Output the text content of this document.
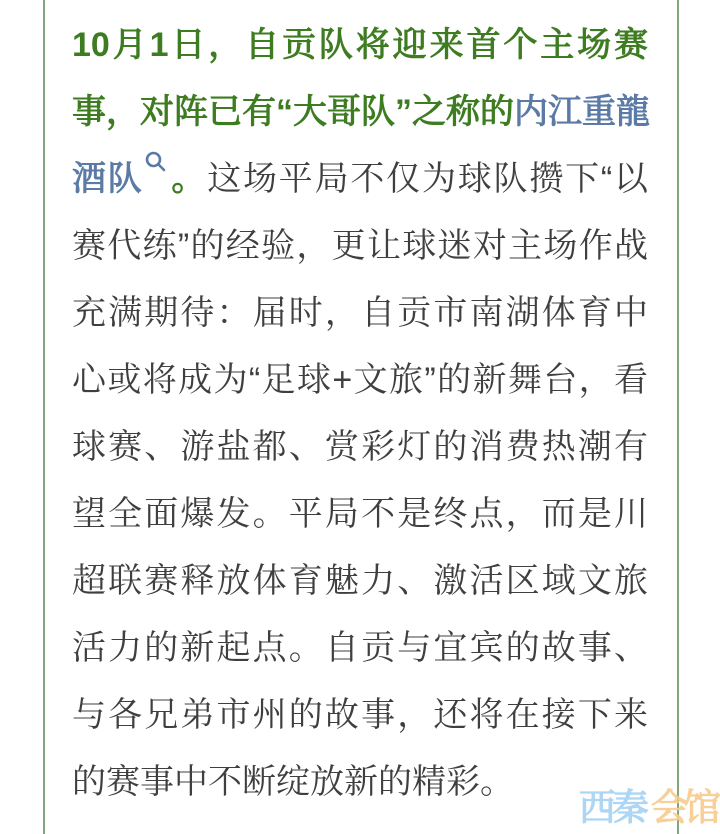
10月1日，自贡队将迎来首个主场赛
事，对阵已有“大哥队”之称的内江重龍
酒队 。这场平局不仅为球队攒下“以
赛代练”的经验，更让球迷对主场作战
充满期待：届时，自贡市南湖体育中
心或将成为“足球+文旅”的新舞台，看
球赛、游盐都、赏彩灯的消费热潮有
望全面爆发。平局不是终点，而是川
超联赛释放体育魅力、激活区域文旅
活力的新起点。自贡与宜宾的故事、
与各兄弟市州的故事，还将在接下来
的赛事中不断绽放新的精彩。
西秦 会馆
